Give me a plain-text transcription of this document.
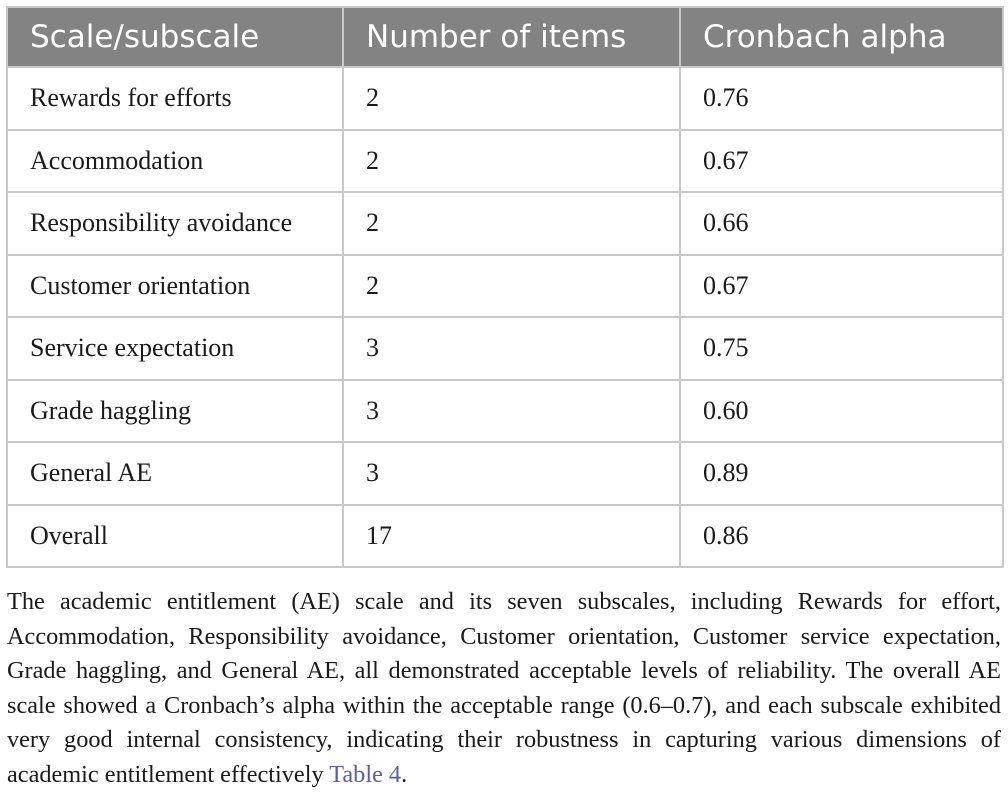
Scale/subscale	Number of items	Cronbach alpha
Rewards for efforts	2	0.76
Accommodation	2	0.67
Responsibility avoidance	2	0.66
Customer orientation	2	0.67
Service expectation	3	0.75
Grade haggling	3	0.60
General AE	3	0.89
Overall	17	0.86

The academic entitlement (AE) scale and its seven subscales, including Rewards for effort, Accommodation, Responsibility avoidance, Customer orientation, Customer service expectation, Grade haggling, and General AE, all demonstrated acceptable levels of reliability. The overall AE scale showed a Cronbach’s alpha within the acceptable range (0.6–0.7), and each subscale exhibited very good internal consistency, indicating their robustness in capturing various dimensions of academic entitlement effectively Table 4.
